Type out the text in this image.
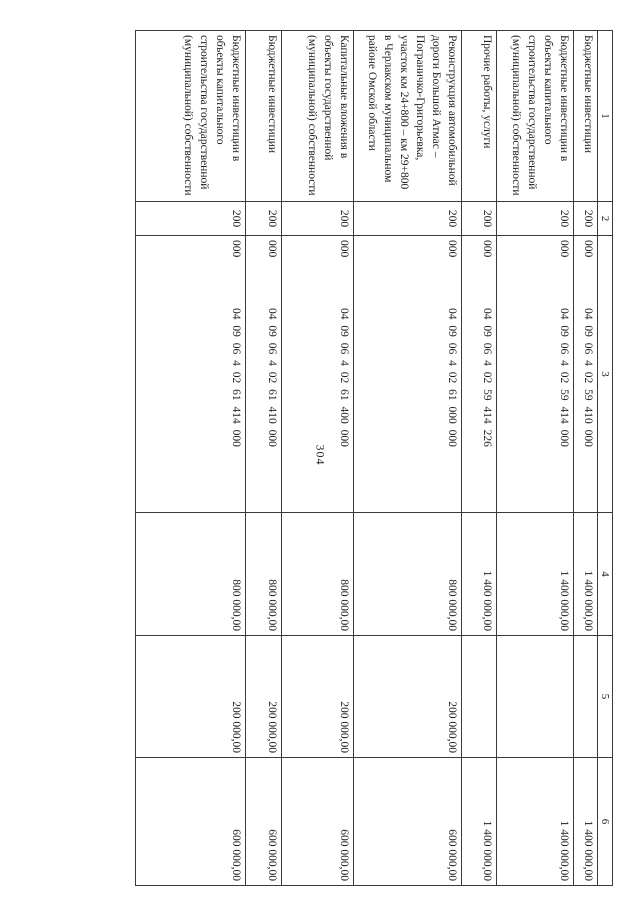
304
1	2	3	4	5	6
Бюджетные инвестиции	200	00004 09 06 4 02 59 410 000	1 400 000,00		1 400 000,00
Бюджетные инвестиции в объекты капитального строительства государственной (муниципальной) собственности	200	00004 09 06 4 02 59 414 000	1 400 000,00		1 400 000,00
Прочие работы, услуги	200	00004 09 06 4 02 59 414 226	1 400 000,00		1 400 000,00
Реконструкция автомобильной дороги Большой Атмас – Пограничко-Григорьевка, участок км 24+800 – км 29+800 в Черлакском муниципальном районе Омской области	200	00004 09 06 4 02 61 000 000	800 000,00	200 000,00	600 000,00
Капитальные вложения в объекты государственной (муниципальной) собственности	200	00004 09 06 4 02 61 400 000	800 000,00	200 000,00	600 000,00
Бюджетные инвестиции	200	00004 09 06 4 02 61 410 000	800 000,00	200 000,00	600 000,00
Бюджетные инвестиции в объекты капитального строительства государственной (муниципальной) собственности	200	00004 09 06 4 02 61 414 000	800 000,00	200 000,00	600 000,00
